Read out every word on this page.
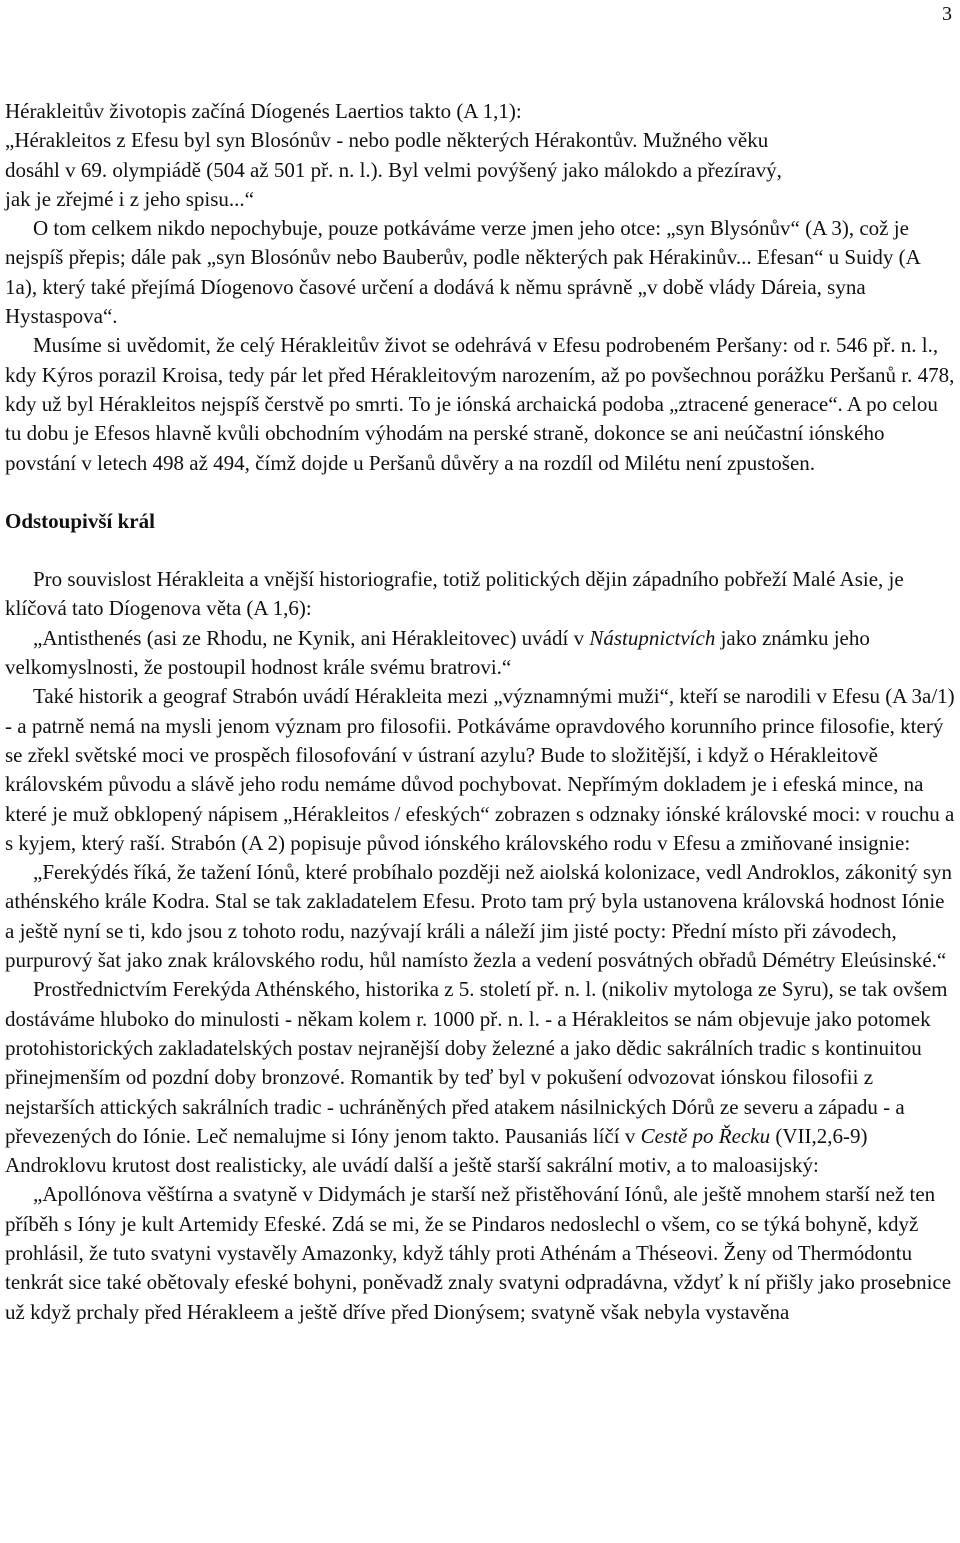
3

Hérakleitův životopis začíná Díogenés Laertios takto (A 1,1):
„Hérakleitos z Efesu byl syn Blosónův - nebo podle některých Hérakontův. Mužného věku
dosáhl v 69. olympiádě (504 až 501 př. n. l.). Byl velmi povýšený jako málokdo a přezíravý,
jak je zřejmé i z jeho spisu...“

O tom celkem nikdo nepochybuje, pouze potkáváme verze jmen jeho otce: „syn Blysónův“ (A 3), což je nejspíš přepis; dále pak „syn Blosónův nebo Bauberův, podle některých pak Hérakinův... Efesan“ u Suidy (A 1a), který také přejímá Díogenovo časové určení a dodává k němu správně „v době vlády Dáreia, syna Hystaspova“.

Musíme si uvědomit, že celý Hérakleitův život se odehrává v Efesu podrobeném Peršany: od r. 546 př. n. l., kdy Kýros porazil Kroisa, tedy pár let před Hérakleitovým narozením, až po povšechnou porážku Peršanů r. 478, kdy už byl Hérakleitos nejspíš čerstvě po smrti. To je iónská archaická podoba „ztracené generace“. A po celou tu dobu je Efesos hlavně kvůli obchodním výhodám na perské straně, dokonce se ani neúčastní iónského povstání v letech 498 až 494, čímž dojde u Peršanů důvěry a na rozdíl od Milétu není zpustošen.

Odstoupivší král

Pro souvislost Hérakleita a vnější historiografie, totiž politických dějin západního pobřeží Malé Asie, je klíčová tato Díogenova věta (A 1,6):

„Antisthenés (asi ze Rhodu, ne Kynik, ani Hérakleitovec) uvádí v Nástupnictvích jako známku jeho velkomyslnosti, že postoupil hodnost krále svému bratrovi.“

Také historik a geograf Strabón uvádí Hérakleita mezi „významnými muži“, kteří se narodili v Efesu (A 3a/1) - a patrně nemá na mysli jenom význam pro filosofii. Potkáváme opravdového korunního prince filosofie, který se zřekl světské moci ve prospěch filosofování v ústraní azylu? Bude to složitější, i když o Hérakleitově královském původu a slávě jeho rodu nemáme důvod pochybovat. Nepřímým dokladem je i efeská mince, na které je muž obklopený nápisem „Hérakleitos / efeských“ zobrazen s odznaky iónské královské moci: v rouchu a s kyjem, který raší. Strabón (A 2) popisuje původ iónského královského rodu v Efesu a zmiňované insignie:

„Ferekýdés říká, že tažení Iónů, které probíhalo později než aiolská kolonizace, vedl Androklos, zákonitý syn athénského krále Kodra. Stal se tak zakladatelem Efesu. Proto tam prý byla ustanovena královská hodnost Iónie a ještě nyní se ti, kdo jsou z tohoto rodu, nazývají králi a náleží jim jisté pocty: Přední místo při závodech, purpurový šat jako znak královského rodu, hůl namísto žezla a vedení posvátných obřadů Démétry Eleúsinské.“

Prostřednictvím Ferekýda Athénského, historika z 5. století př. n. l. (nikoliv mytologa ze Syru), se tak ovšem dostáváme hluboko do minulosti - někam kolem r. 1000 př. n. l. - a Hérakleitos se nám objevuje jako potomek protohistorických zakladatelských postav nejranější doby železné a jako dědic sakrálních tradic s kontinuitou přinejmenším od pozdní doby bronzové. Romantik by teď byl v pokušení odvozovat iónskou filosofii z nejstarších attických sakrálních tradic - uchráněných před atakem násilnických Dórů ze severu a západu - a převezených do Iónie. Leč nemalujme si Ióny jenom takto. Pausaniás líčí v Cestě po Řecku (VII,2,6-9) Androklovu krutost dost realisticky, ale uvádí další a ještě starší sakrální motiv, a to maloasijský:

„Apollónova věštírna a svatyně v Didymách je starší než přistěhování Iónů, ale ještě mnohem starší než ten příběh s Ióny je kult Artemidy Efeské. Zdá se mi, že se Pindaros nedoslechl o všem, co se týká bohyně, když prohlásil, že tuto svatyni vystavěly Amazonky, když táhly proti Athénám a Théseovi. Ženy od Thermódontu tenkrát sice také obětovaly efeské bohyni, poněvadž znaly svatyni odpradávna, vždyť k ní přišly jako prosebnice už když prchaly před Hérakleem a ještě dříve před Dionýsem; svatyně však nebyla vystavěna
